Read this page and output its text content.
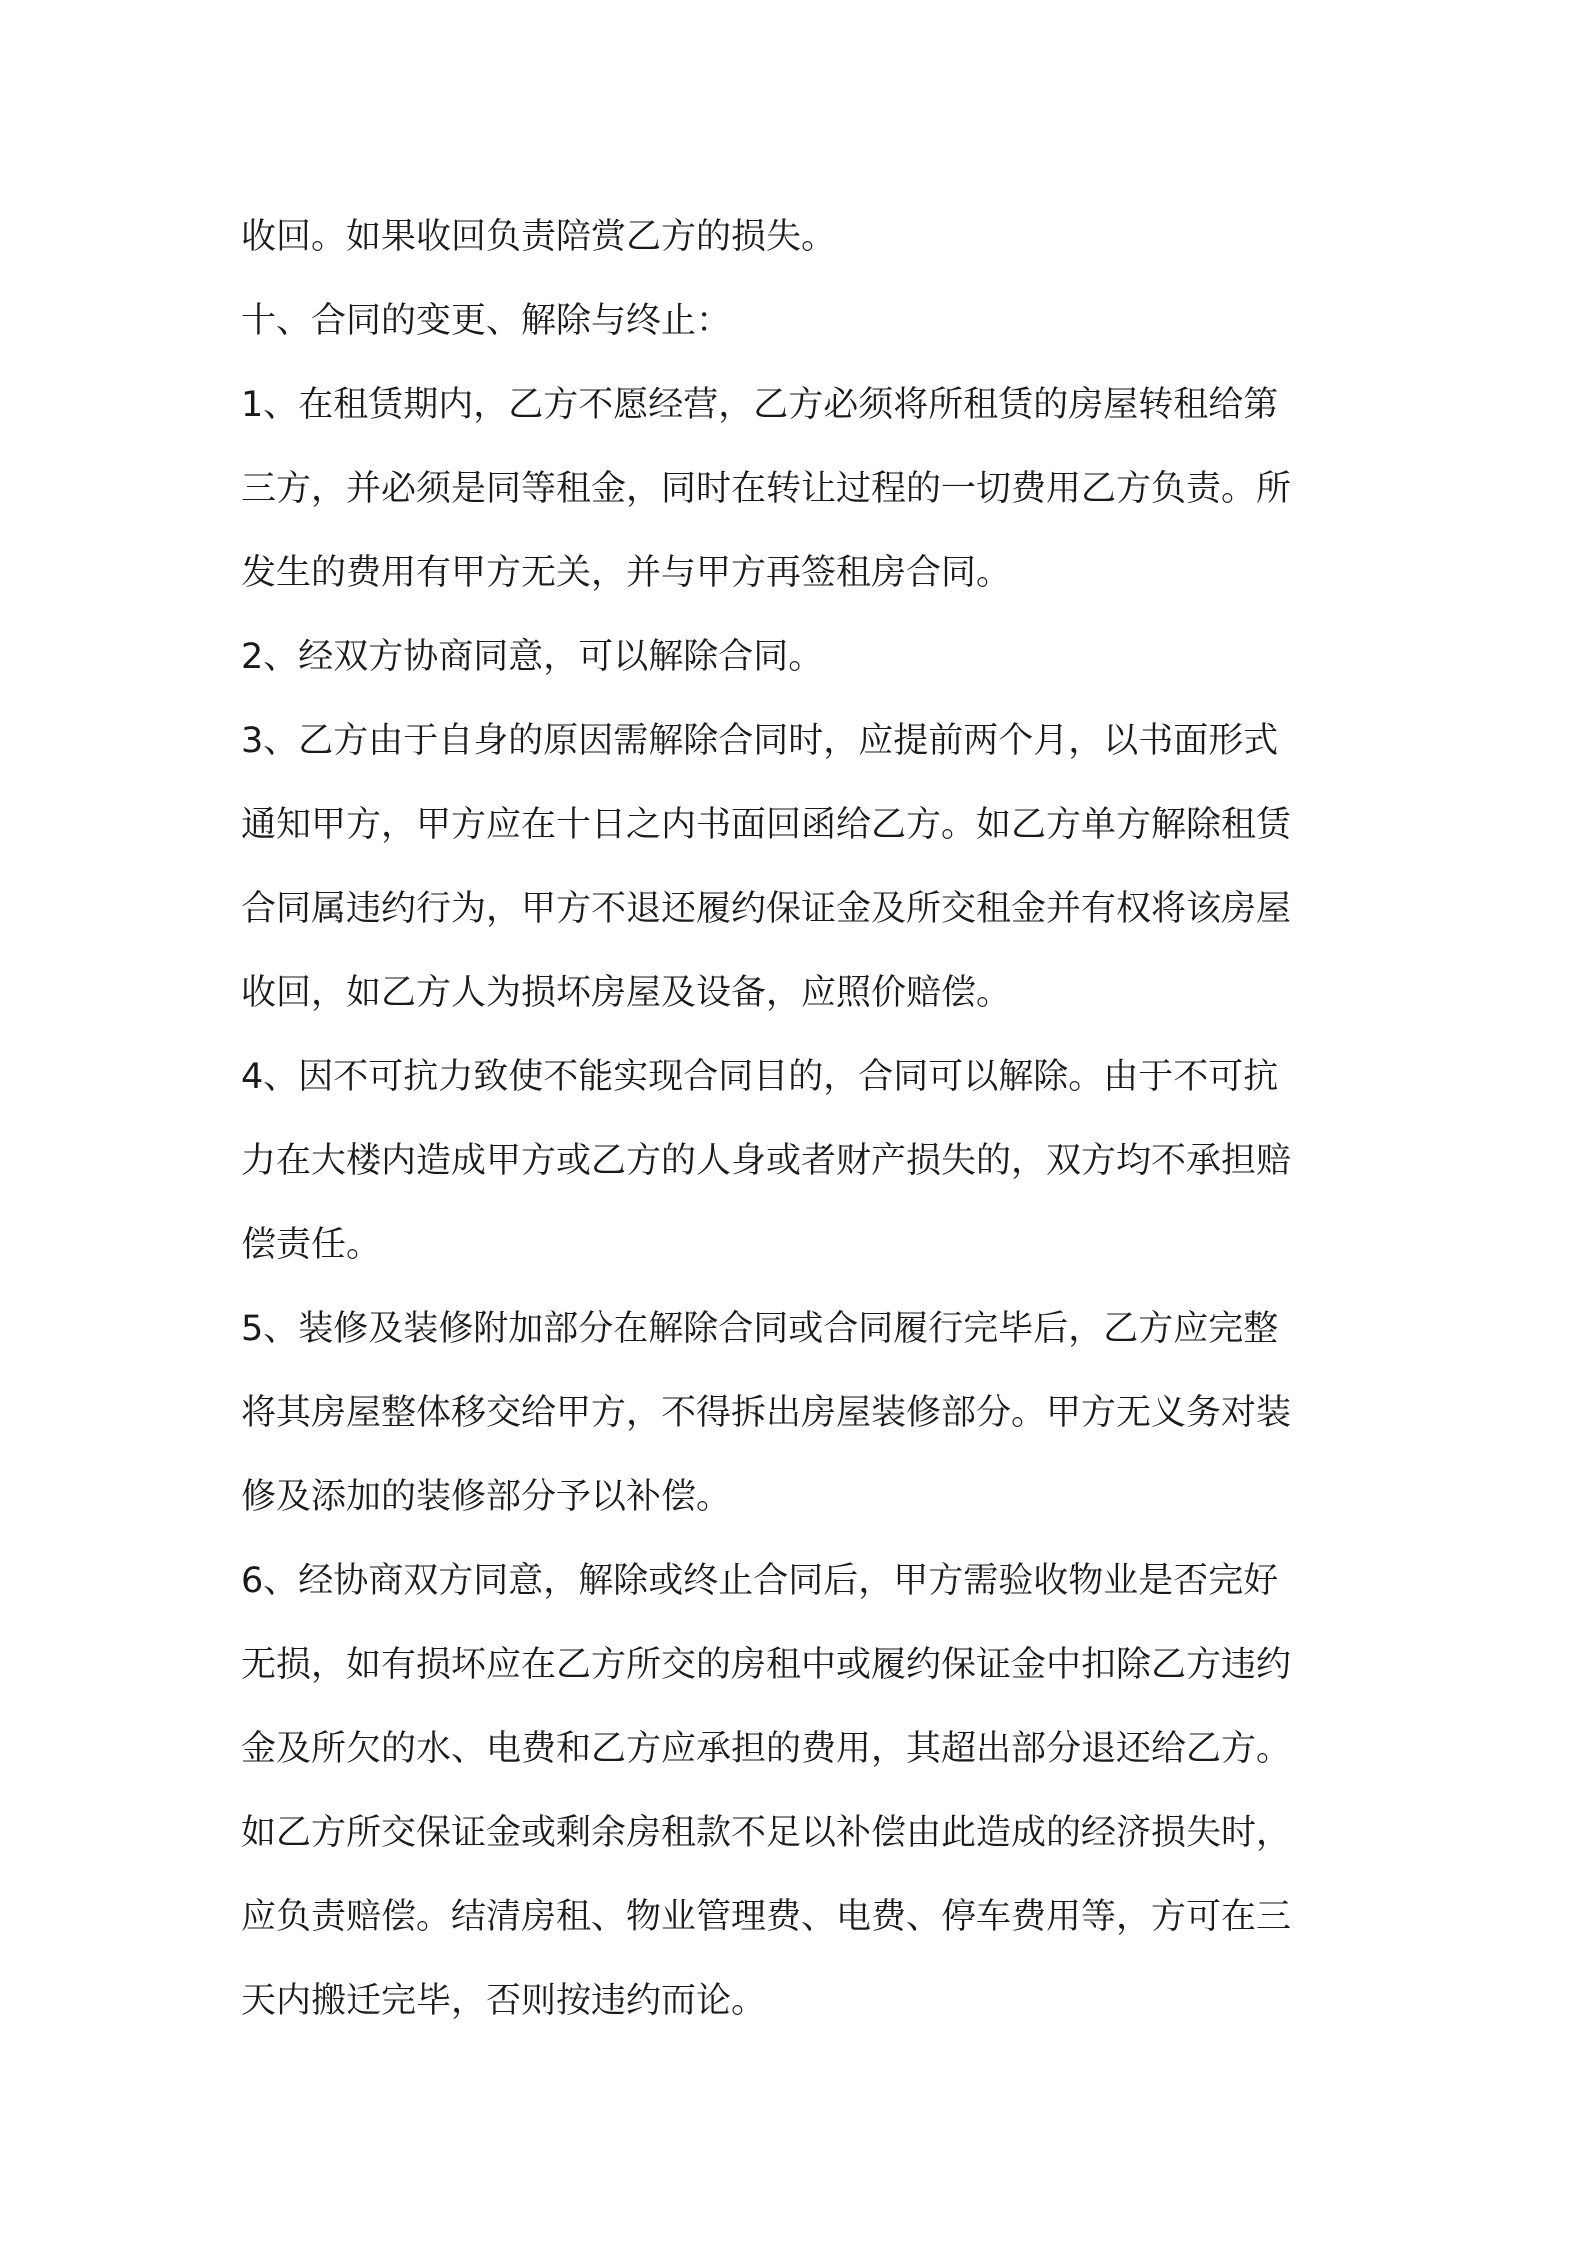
收回。如果收回负责陪赏乙方的损失。
十、合同的变更、解除与终止：
1、在租赁期内，乙方不愿经营，乙方必须将所租赁的房屋转租给第
三方，并必须是同等租金，同时在转让过程的一切费用乙方负责。所
发生的费用有甲方无关，并与甲方再签租房合同。
2、经双方协商同意，可以解除合同。
3、乙方由于自身的原因需解除合同时，应提前两个月，以书面形式
通知甲方，甲方应在十日之内书面回函给乙方。如乙方单方解除租赁
合同属违约行为，甲方不退还履约保证金及所交租金并有权将该房屋
收回，如乙方人为损坏房屋及设备，应照价赔偿。
4、因不可抗力致使不能实现合同目的，合同可以解除。由于不可抗
力在大楼内造成甲方或乙方的人身或者财产损失的，双方均不承担赔
偿责任。
5、装修及装修附加部分在解除合同或合同履行完毕后，乙方应完整
将其房屋整体移交给甲方，不得拆出房屋装修部分。甲方无义务对装
修及添加的装修部分予以补偿。
6、经协商双方同意，解除或终止合同后，甲方需验收物业是否完好
无损，如有损坏应在乙方所交的房租中或履约保证金中扣除乙方违约
金及所欠的水、电费和乙方应承担的费用，其超出部分退还给乙方。
如乙方所交保证金或剩余房租款不足以补偿由此造成的经济损失时，
应负责赔偿。结清房租、物业管理费、电费、停车费用等，方可在三
天内搬迁完毕，否则按违约而论。
